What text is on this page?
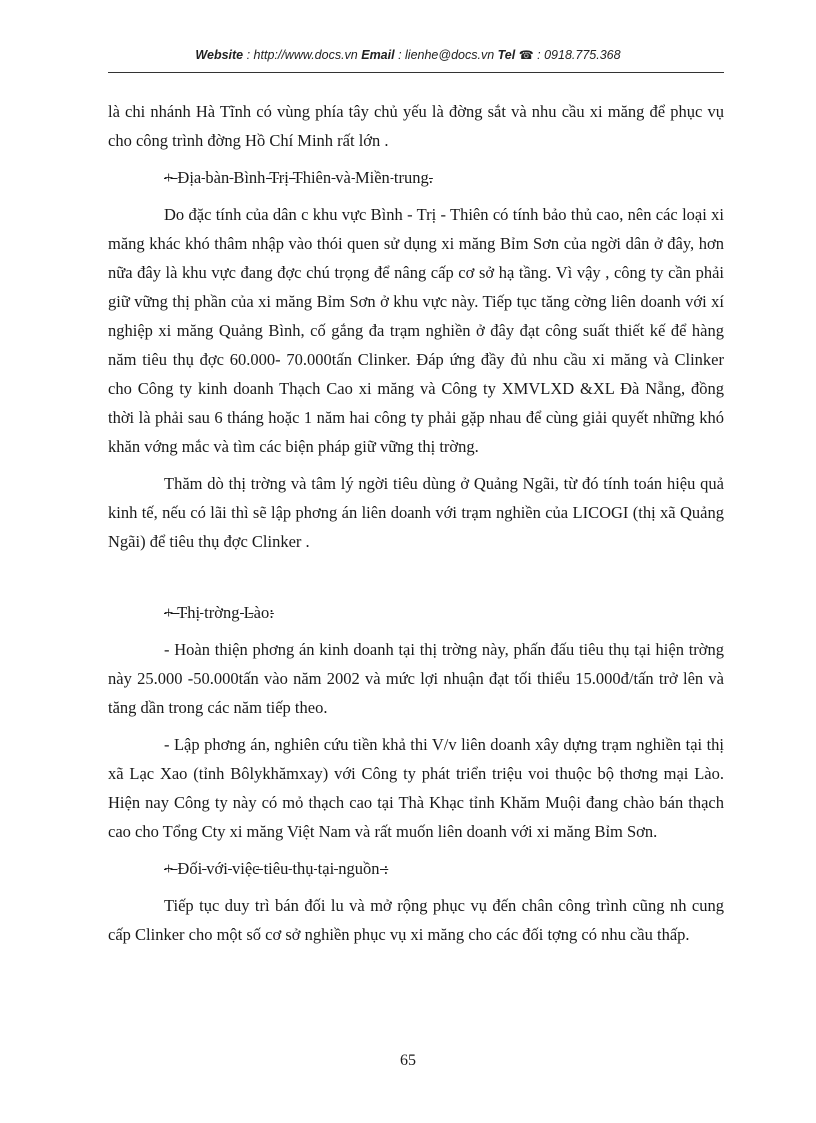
Website : http://www.docs.vn Email : lienhe@docs.vn Tel ☎ : 0918.775.368

là chi nhánh Hà Tĩnh có vùng phía tây chủ yếu là đờng sắt và nhu cầu xi măng để phục vụ cho công trình đờng Hồ Chí Minh rất lớn .

+ Địa bàn Bình Trị Thiên và Miền trung.

Do đặc tính của dân c khu vực Bình - Trị - Thiên có tính bảo thủ cao, nên các loại xi măng khác khó thâm nhập vào thói quen sử dụng xi măng Bỉm Sơn của ngời dân ở đây, hơn nữa đây là khu vực đang đợc chú trọng để nâng cấp cơ sở hạ tầng. Vì vậy , công ty cần phải giữ vững thị phần của xi măng Bỉm Sơn ở khu vực này. Tiếp tục tăng cờng liên doanh với xí nghiệp xi măng Quảng Bình, cố gắng đa trạm nghiền ở đây đạt công suất thiết kế để hàng năm tiêu thụ đợc 60.000- 70.000tấn Clinker. Đáp ứng đầy đủ nhu cầu xi măng và Clinker cho Công ty kinh doanh Thạch Cao xi măng và Công ty XMVLXD &XL Đà Nẵng, đồng thời là phải sau 6 tháng hoặc 1 năm hai công ty phải gặp nhau để cùng giải quyết những khó khăn vớng mắc và tìm các biện pháp giữ vững thị trờng.

Thăm dò thị trờng và tâm lý ngời tiêu dùng ở Quảng Ngãi, từ đó tính toán hiệu quả kinh tế, nếu có lãi thì sẽ lập phơng án liên doanh với trạm nghiền của LICOGI (thị xã Quảng Ngãi) để tiêu thụ đợc Clinker .

+ Thị trờng Lào:

- Hoàn thiện phơng án kinh doanh tại thị trờng này, phấn đấu tiêu thụ tại hiện trờng này 25.000 -50.000tấn vào năm 2002 và mức lợi nhuận đạt tối thiểu 15.000đ/tấn trở lên và tăng dần trong các năm tiếp theo.

- Lập phơng án, nghiên cứu tiền khả thi V/v liên doanh xây dựng trạm nghiền tại thị xã Lạc Xao (tỉnh Bôlykhămxay) với Công ty phát triển triệu voi thuộc bộ thơng mại Lào. Hiện nay Công ty này có mỏ thạch cao tại Thà Khạc tỉnh Khăm Muội đang chào bán thạch cao cho Tổng Cty xi măng Việt Nam và rất muốn liên doanh với xi măng Bỉm Sơn.

+ Đối với việc tiêu thụ tại nguồn :

Tiếp tục duy trì bán đối lu và mở rộng phục vụ đến chân công trình cũng nh cung cấp Clinker cho một số cơ sở nghiền phục vụ xi măng cho các đối tợng có nhu cầu thấp.

65
